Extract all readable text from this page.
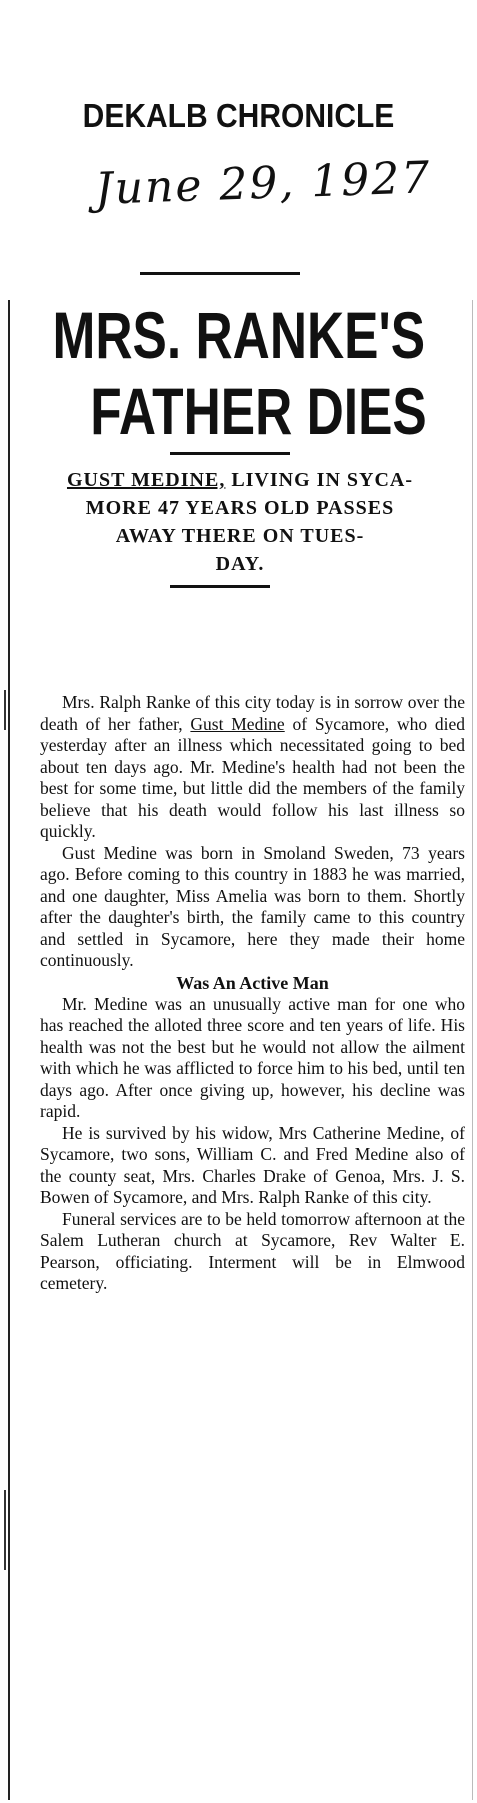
DEKALB CHRONICLE
June 29, 1927
MRS. RANKE'S
FATHER DIES
GUST MEDINE, LIVING IN SYCA-
MORE 47 YEARS OLD PASSES
AWAY THERE ON TUES-
DAY.

Mrs. Ralph Ranke of this city today is in sorrow over the death of her father, Gust Medine of Sycamore, who died yesterday after an illness which necessitated going to bed about ten days ago. Mr. Medine's health had not been the best for some time, but little did the members of the family believe that his death would follow his last illness so quickly.

Gust Medine was born in Smoland Sweden, 73 years ago. Before coming to this country in 1883 he was married, and one daughter, Miss Amelia was born to them. Shortly after the daughter's birth, the family came to this country and settled in Sycamore, here they made their home continuously.

Was An Active Man

Mr. Medine was an unusually active man for one who has reached the alloted three score and ten years of life. His health was not the best but he would not allow the ailment with which he was afflicted to force him to his bed, until ten days ago. After once giving up, however, his decline was rapid.

He is survived by his widow, Mrs Catherine Medine, of Sycamore, two sons, William C. and Fred Medine also of the county seat, Mrs. Charles Drake of Genoa, Mrs. J. S. Bowen of Sycamore, and Mrs. Ralph Ranke of this city.

Funeral services are to be held tomorrow afternoon at the Salem Lutheran church at Sycamore, Rev Walter E. Pearson, officiating. Interment will be in Elmwood cemetery.
